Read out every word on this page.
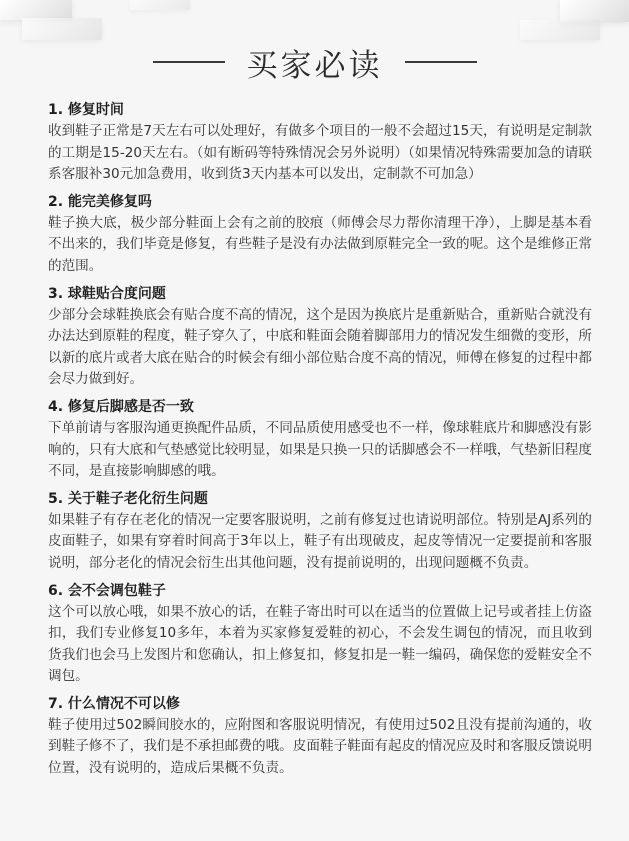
买家必读
1. 修复时间

收到鞋子正常是7天左右可以处理好，有做多个项目的一般不会超过15天，有说明是定制款的工期是15-20天左右。（如有断码等特殊情况会另外说明）（如果情况特殊需要加急的请联系客服补30元加急费用，收到货3天内基本可以发出，定制款不可加急）

2. 能完美修复吗

鞋子换大底，极少部分鞋面上会有之前的胶痕（师傅会尽力帮你清理干净），上脚是基本看不出来的，我们毕竟是修复，有些鞋子是没有办法做到原鞋完全一致的呢。这个是维修正常的范围。

3. 球鞋贴合度问题

少部分会球鞋换底会有贴合度不高的情况，这个是因为换底片是重新贴合，重新贴合就没有办法达到原鞋的程度，鞋子穿久了，中底和鞋面会随着脚部用力的情况发生细微的变形，所以新的底片或者大底在贴合的时候会有细小部位贴合度不高的情况，师傅在修复的过程中都会尽力做到好。

4. 修复后脚感是否一致

下单前请与客服沟通更换配件品质，不同品质使用感受也不一样，像球鞋底片和脚感没有影响的，只有大底和气垫感觉比较明显，如果是只换一只的话脚感会不一样哦，气垫新旧程度不同，是直接影响脚感的哦。

5. 关于鞋子老化衍生问题

如果鞋子有存在老化的情况一定要客服说明，之前有修复过也请说明部位。特别是AJ系列的皮面鞋子，如果有穿着时间高于3年以上，鞋子有出现破皮，起皮等情况一定要提前和客服说明，部分老化的情况会衍生出其他问题，没有提前说明的，出现问题概不负责。

6. 会不会调包鞋子

这个可以放心哦，如果不放心的话，在鞋子寄出时可以在适当的位置做上记号或者挂上仿盗扣，我们专业修复10多年，本着为买家修复爱鞋的初心，不会发生调包的情况，而且收到货我们也会马上发图片和您确认，扣上修复扣，修复扣是一鞋一编码，确保您的爱鞋安全不调包。

7. 什么情况不可以修

鞋子使用过502瞬间胶水的，应附图和客服说明情况，有使用过502且没有提前沟通的，收到鞋子修不了，我们是不承担邮费的哦。皮面鞋子鞋面有起皮的情况应及时和客服反馈说明位置，没有说明的，造成后果概不负责。
